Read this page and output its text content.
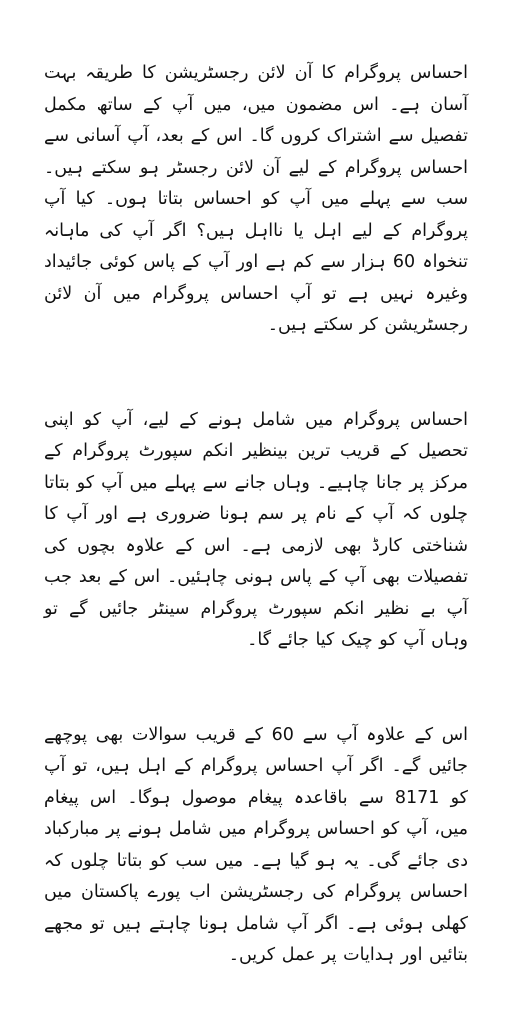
احساس پروگرام کا آن لائن رجسٹریشن کا طریقہ بہت آسان ہے۔ اس مضمون میں، میں آپ کے ساتھ مکمل تفصیل سے اشتراک کروں گا۔ اس کے بعد، آپ آسانی سے احساس پروگرام کے لیے آن لائن رجسٹر ہو سکتے ہیں۔ سب سے پہلے میں آپ کو احساس بتاتا ہوں۔ کیا آپ پروگرام کے لیے اہل یا نااہل ہیں؟ اگر آپ کی ماہانہ تنخواہ 60 ہزار سے کم ہے اور آپ کے پاس کوئی جائیداد وغیرہ نہیں ہے تو آپ احساس پروگرام میں آن لائن رجسٹریشن کر سکتے ہیں۔

احساس پروگرام میں شامل ہونے کے لیے، آپ کو اپنی تحصیل کے قریب ترین بینظیر انکم سپورٹ پروگرام کے مرکز پر جانا چاہیے۔ وہاں جانے سے پہلے میں آپ کو بتاتا چلوں کہ آپ کے نام پر سم ہونا ضروری ہے اور آپ کا شناختی کارڈ بھی لازمی ہے۔ اس کے علاوہ بچوں کی تفصیلات بھی آپ کے پاس ہونی چاہئیں۔ اس کے بعد جب آپ بے نظیر انکم سپورٹ پروگرام سینٹر جائیں گے تو وہاں آپ کو چیک کیا جائے گا۔

اس کے علاوہ آپ سے 60 کے قریب سوالات بھی پوچھے جائیں گے۔ اگر آپ احساس پروگرام کے اہل ہیں، تو آپ کو 8171 سے باقاعدہ پیغام موصول ہوگا۔ اس پیغام میں، آپ کو احساس پروگرام میں شامل ہونے پر مبارکباد دی جائے گی۔ یہ ہو گیا ہے۔ میں سب کو بتاتا چلوں کہ احساس پروگرام کی رجسٹریشن اب پورے پاکستان میں کھلی ہوئی ہے۔ اگر آپ شامل ہونا چاہتے ہیں تو مجھے بتائیں اور ہدایات پر عمل کریں۔
